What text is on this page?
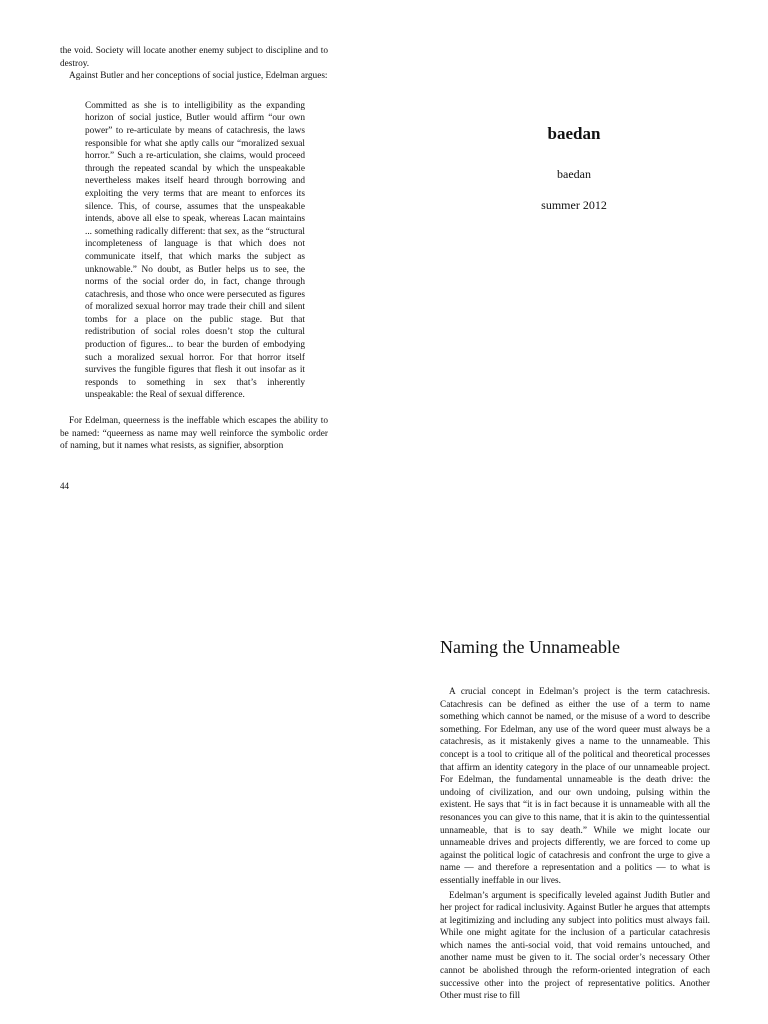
the void. Society will locate another enemy subject to discipline and to destroy.

Against Butler and her conceptions of social justice, Edelman argues:

Committed as she is to intelligibility as the expanding horizon of social justice, Butler would affirm “our own power” to re-articulate by means of catachresis, the laws responsible for what she aptly calls our “moralized sexual horror.” Such a re-articulation, she claims, would proceed through the repeated scandal by which the unspeakable nevertheless makes itself heard through borrowing and exploiting the very terms that are meant to enforces its silence. This, of course, assumes that the unspeakable intends, above all else to speak, whereas Lacan maintains ... something radically different: that sex, as the “structural incompleteness of language is that which does not communicate itself, that which marks the subject as unknowable.” No doubt, as Butler helps us to see, the norms of the social order do, in fact, change through catachresis, and those who once were persecuted as figures of moralized sexual horror may trade their chill and silent tombs for a place on the public stage. But that redistribution of social roles doesn’t stop the cultural production of figures... to bear the burden of embodying such a moralized sexual horror. For that horror itself survives the fungible figures that flesh it out insofar as it responds to something in sex that’s inherently unspeakable: the Real of sexual difference.

For Edelman, queerness is the ineffable which escapes the ability to be named: “queerness as name may well reinforce the symbolic order of naming, but it names what resists, as signifier, absorption

44
baedan

baedan

summer 2012

Naming the Unnameable

A crucial concept in Edelman’s project is the term catachresis. Catachresis can be defined as either the use of a term to name something which cannot be named, or the misuse of a word to describe something. For Edelman, any use of the word queer must always be a catachresis, as it mistakenly gives a name to the unnameable. This concept is a tool to critique all of the political and theoretical processes that affirm an identity category in the place of our unnameable project. For Edelman, the fundamental unnameable is the death drive: the undoing of civilization, and our own undoing, pulsing within the existent. He says that “it is in fact because it is unnameable with all the resonances you can give to this name, that it is akin to the quintessential unnameable, that is to say death.” While we might locate our unnameable drives and projects differently, we are forced to come up against the political logic of catachresis and confront the urge to give a name — and therefore a representation and a politics — to what is essentially ineffable in our lives.

Edelman’s argument is specifically leveled against Judith Butler and her project for radical inclusivity. Against Butler he argues that attempts at legitimizing and including any subject into politics must always fail. While one might agitate for the inclusion of a particular catachresis which names the anti-social void, that void remains untouched, and another name must be given to it. The social order’s necessary Other cannot be abolished through the reform-oriented integration of each successive other into the project of representative politics. Another Other must rise to fill
